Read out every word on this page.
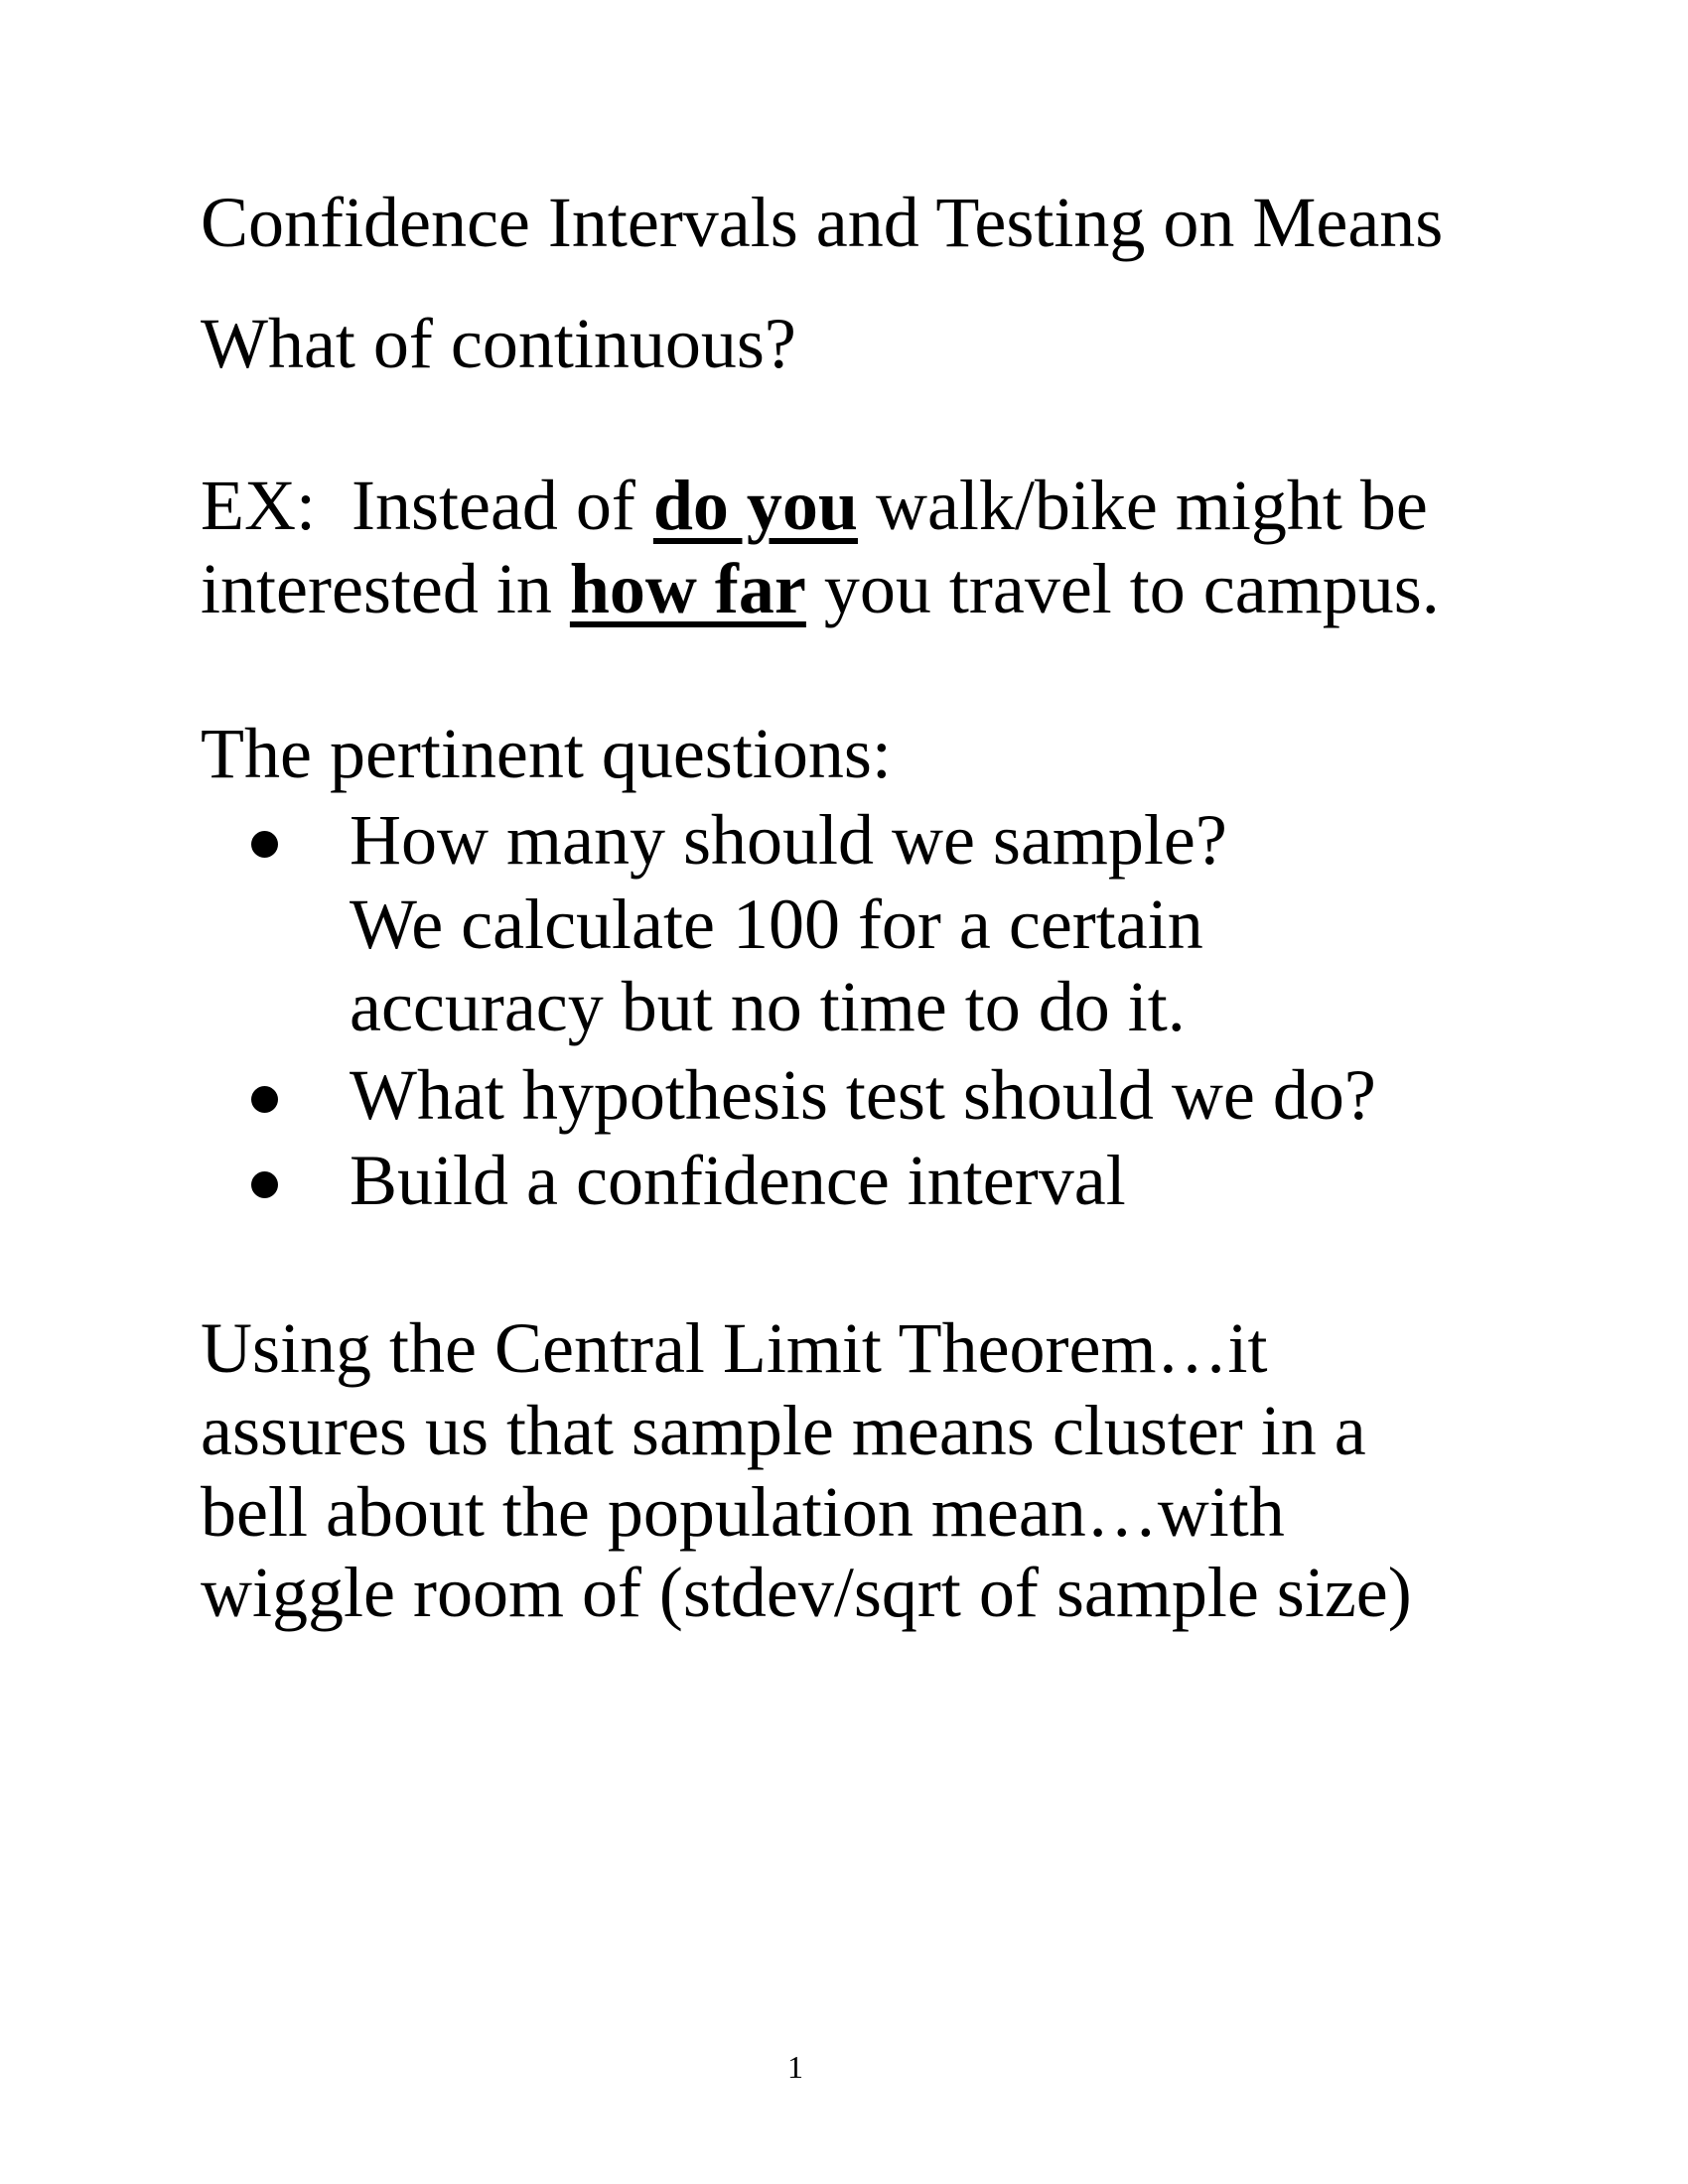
Confidence Intervals and Testing on Means
What of continuous?
EX:  Instead of do you walk/bike might be
interested in how far you travel to campus.
The pertinent questions:
How many should we sample?
We calculate 100 for a certain
accuracy but no time to do it.
What hypothesis test should we do?
Build a confidence interval
Using the Central Limit Theorem…it
assures us that sample means cluster in a
bell about the population mean…with
wiggle room of (stdev/sqrt of sample size)
1
